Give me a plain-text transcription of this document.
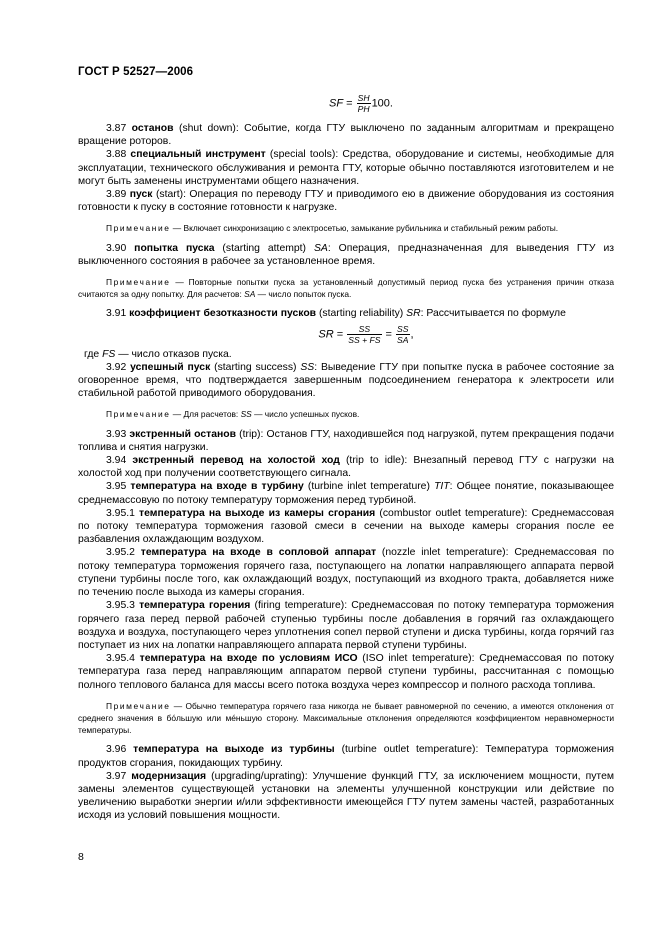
ГОСТ Р 52527—2006

SF = $\frac{SH}{PH} 100$.

3.87 останов (shut down): Событие, когда ГТУ выключено по заданным алгоритмам и прекращено вращение роторов.

3.88 специальный инструмент (special tools): Средства, оборудование и системы, необходимые для эксплуатации, технического обслуживания и ремонта ГТУ, которые обычно поставляются изготовителем и не могут быть заменены инструментами общего назначения.

3.89 пуск (start): Операция по переводу ГТУ и приводимого ею в движение оборудования из состояния готовности к пуску в состояние готовности к нагрузке.

Примечание — Включает синхронизацию с электросетью, замыкание рубильника и стабильный режим работы.

3.90 попытка пуска (starting attempt) SA: Операция, предназначенная для выведения ГТУ из выключенного состояния в рабочее за установленное время.

Примечание — Повторные попытки пуска за установленный допустимый период пуска без устранения причин отказа считаются за одну попытку. Для расчетов: SA — число попыток пуска.

3.91 коэффициент безотказности пусков (starting reliability) SR: Рассчитывается по формуле

SR = $\frac{SS}{SS + FS} = \frac{SS}{SA}$ ,

где FS — число отказов пуска.

3.92 успешный пуск (starting success) SS: Выведение ГТУ при попытке пуска в рабочее состояние за оговоренное время, что подтверждается завершенным подсоединением генератора к электросети или стабильной работой приводимого оборудования.

Примечание — Для расчетов: SS — число успешных пусков.

3.93 экстренный останов (trip): Останов ГТУ, находившейся под нагрузкой, путем прекращения подачи топлива и снятия нагрузки.

3.94 экстренный перевод на холостой ход (trip to idle): Внезапный перевод ГТУ с нагрузки на холостой ход при получении соответствующего сигнала.

3.95 температура на входе в турбину (turbine inlet temperature) TIT: Общее понятие, показывающее среднемассовую по потоку температуру торможения перед турбиной.

3.95.1 температура на выходе из камеры сгорания (combustor outlet temperature): Среднемассовая по потоку температура торможения газовой смеси в сечении на выходе камеры сгорания после ее разбавления охлаждающим воздухом.

3.95.2 температура на входе в сопловой аппарат (nozzle inlet temperature): Среднемассовая по потоку температура торможения горячего газа, поступающего на лопатки направляющего аппарата первой ступени турбины после того, как охлаждающий воздух, поступающий из входного тракта, добавляется ниже по течению после выхода из камеры сгорания.

3.95.3 температура горения (firing temperature): Среднемассовая по потоку температура торможения горячего газа перед первой рабочей ступенью турбины после добавления в горячий газ охлаждающего воздуха и воздуха, поступающего через уплотнения сопел первой ступени и диска турбины, когда горячий газ поступает из них на лопатки направляющего аппарата первой ступени турбины.

3.95.4 температура на входе по условиям ИСО (ISO inlet temperature): Среднемассовая по потоку температура газа перед направляющим аппаратом первой ступени турбины, рассчитанная с помощью полного теплового баланса для массы всего потока воздуха через компрессор и полного расхода топлива.

Примечание — Обычно температура горячего газа никогда не бывает равномерной по сечению, а имеются отклонения от среднего значения в бо́льшую или ме́ньшую сторону. Максимальные отклонения определяются коэффициентом неравномерности температуры.

3.96 температура на выходе из турбины (turbine outlet temperature): Температура торможения продуктов сгорания, покидающих турбину.

3.97 модернизация (upgrading/uprating): Улучшение функций ГТУ, за исключением мощности, путем замены элементов существующей установки на элементы улучшенной конструкции или действие по увеличению выработки энергии и/или эффективности имеющейся ГТУ путем замены частей, разработанных исходя из условий повышения мощности.

8
